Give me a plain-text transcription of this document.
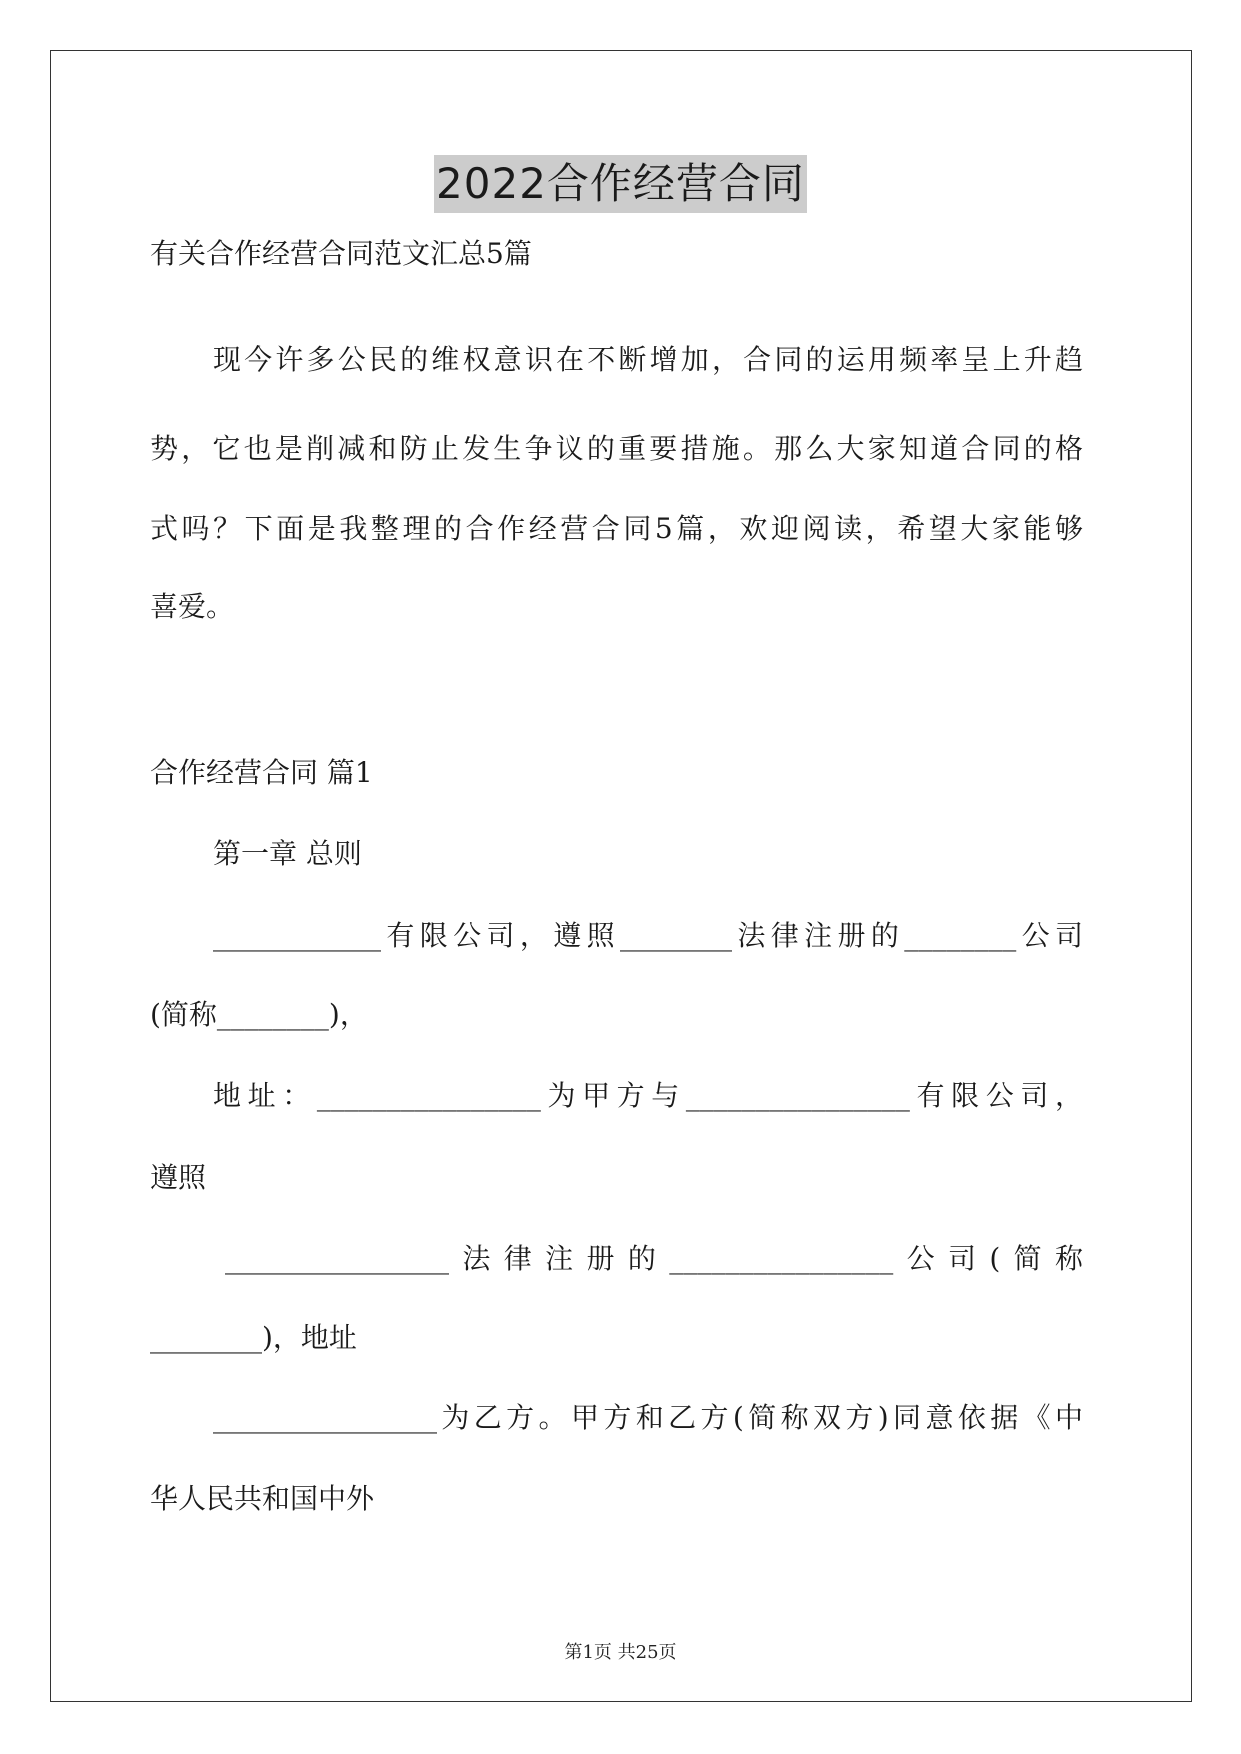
2022合作经营合同

有关合作经营合同范文汇总5篇

现今许多公民的维权意识在不断增加，合同的运用频率呈上升趋

势，它也是削减和防止发生争议的重要措施。那么大家知道合同的格

式吗？下面是我整理的合作经营合同5篇，欢迎阅读，希望大家能够

喜爱。

合作经营合同 篇1

第一章 总则

____________有限公司，遵照________法律注册的________公司

(简称________)，

地址：________________为甲方与________________有限公司，

遵照

________________法律注册的________________公司(简称

________)，地址

________________为乙方。甲方和乙方(简称双方)同意依据《中

华人民共和国中外

第1页 共25页
